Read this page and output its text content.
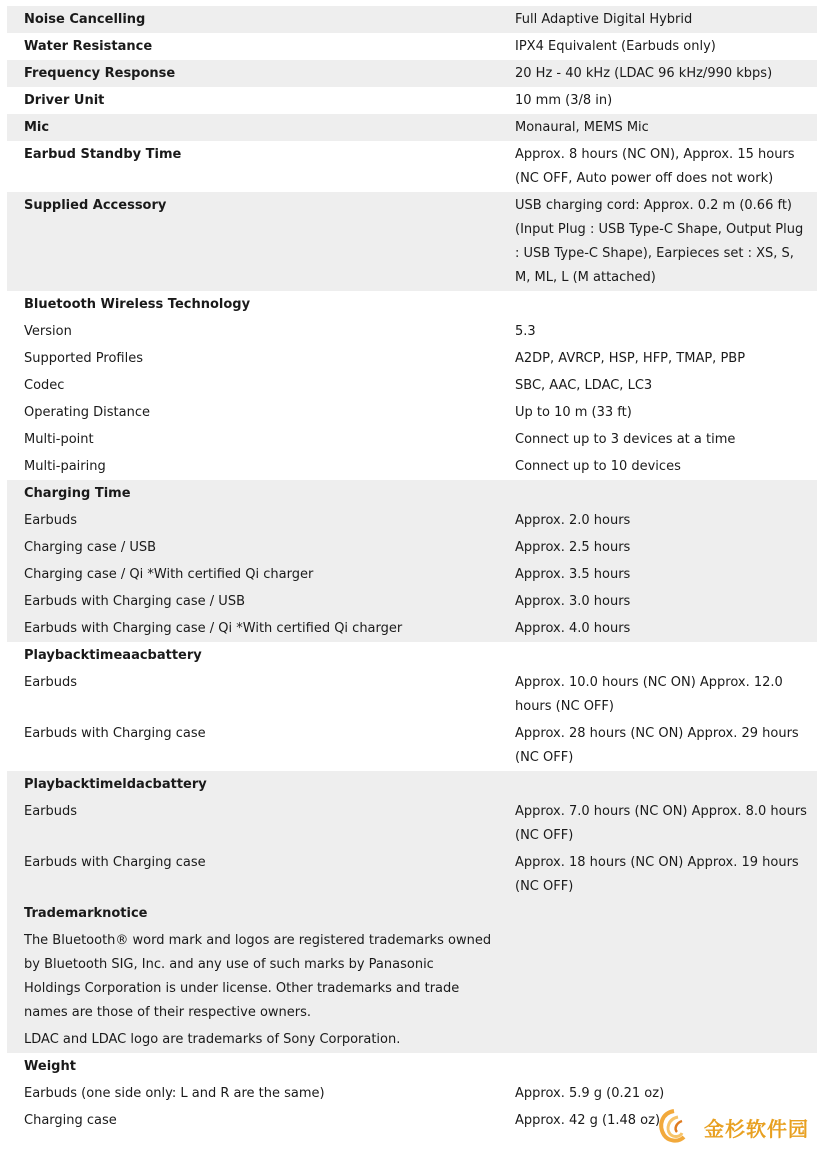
Noise Cancelling	Full Adaptive Digital Hybrid
Water Resistance	IPX4 Equivalent (Earbuds only)
Frequency Response	20 Hz - 40 kHz (LDAC 96 kHz/990 kbps)
Driver Unit	10 mm (3/8 in)
Mic	Monaural, MEMS Mic
Earbud Standby Time	Approx. 8 hours (NC ON), Approx. 15 hours (NC OFF, Auto power off does not work)
Supplied Accessory	USB charging cord: Approx. 0.2 m (0.66 ft) (Input Plug : USB Type-C Shape, Output Plug : USB Type-C Shape), Earpieces set : XS, S, M, ML, L (M attached)
Bluetooth Wireless Technology
Version	5.3
Supported Profiles	A2DP, AVRCP, HSP, HFP, TMAP, PBP
Codec	SBC, AAC, LDAC, LC3
Operating Distance	Up to 10 m (33 ft)
Multi-point	Connect up to 3 devices at a time
Multi-pairing	Connect up to 10 devices
Charging Time
Earbuds	Approx. 2.0 hours
Charging case / USB	Approx. 2.5 hours
Charging case / Qi *With certified Qi charger	Approx. 3.5 hours
Earbuds with Charging case / USB	Approx. 3.0 hours
Earbuds with Charging case / Qi *With certified Qi charger	Approx. 4.0 hours
Playbacktimeaacbattery
Earbuds	Approx. 10.0 hours (NC ON) Approx. 12.0 hours (NC OFF)
Earbuds with Charging case	Approx. 28 hours (NC ON) Approx. 29 hours (NC OFF)
Playbacktimeldacbattery
Earbuds	Approx. 7.0 hours (NC ON) Approx. 8.0 hours (NC OFF)
Earbuds with Charging case	Approx. 18 hours (NC ON) Approx. 19 hours (NC OFF)
Trademarknotice
The Bluetooth® word mark and logos are registered trademarks owned by Bluetooth SIG, Inc. and any use of such marks by Panasonic Holdings Corporation is under license. Other trademarks and trade names are those of their respective owners.
LDAC and LDAC logo are trademarks of Sony Corporation.
Weight
Earbuds (one side only: L and R are the same)	Approx. 5.9 g (0.21 oz)
Charging case	Approx. 42 g (1.48 oz)	金杉软件园
